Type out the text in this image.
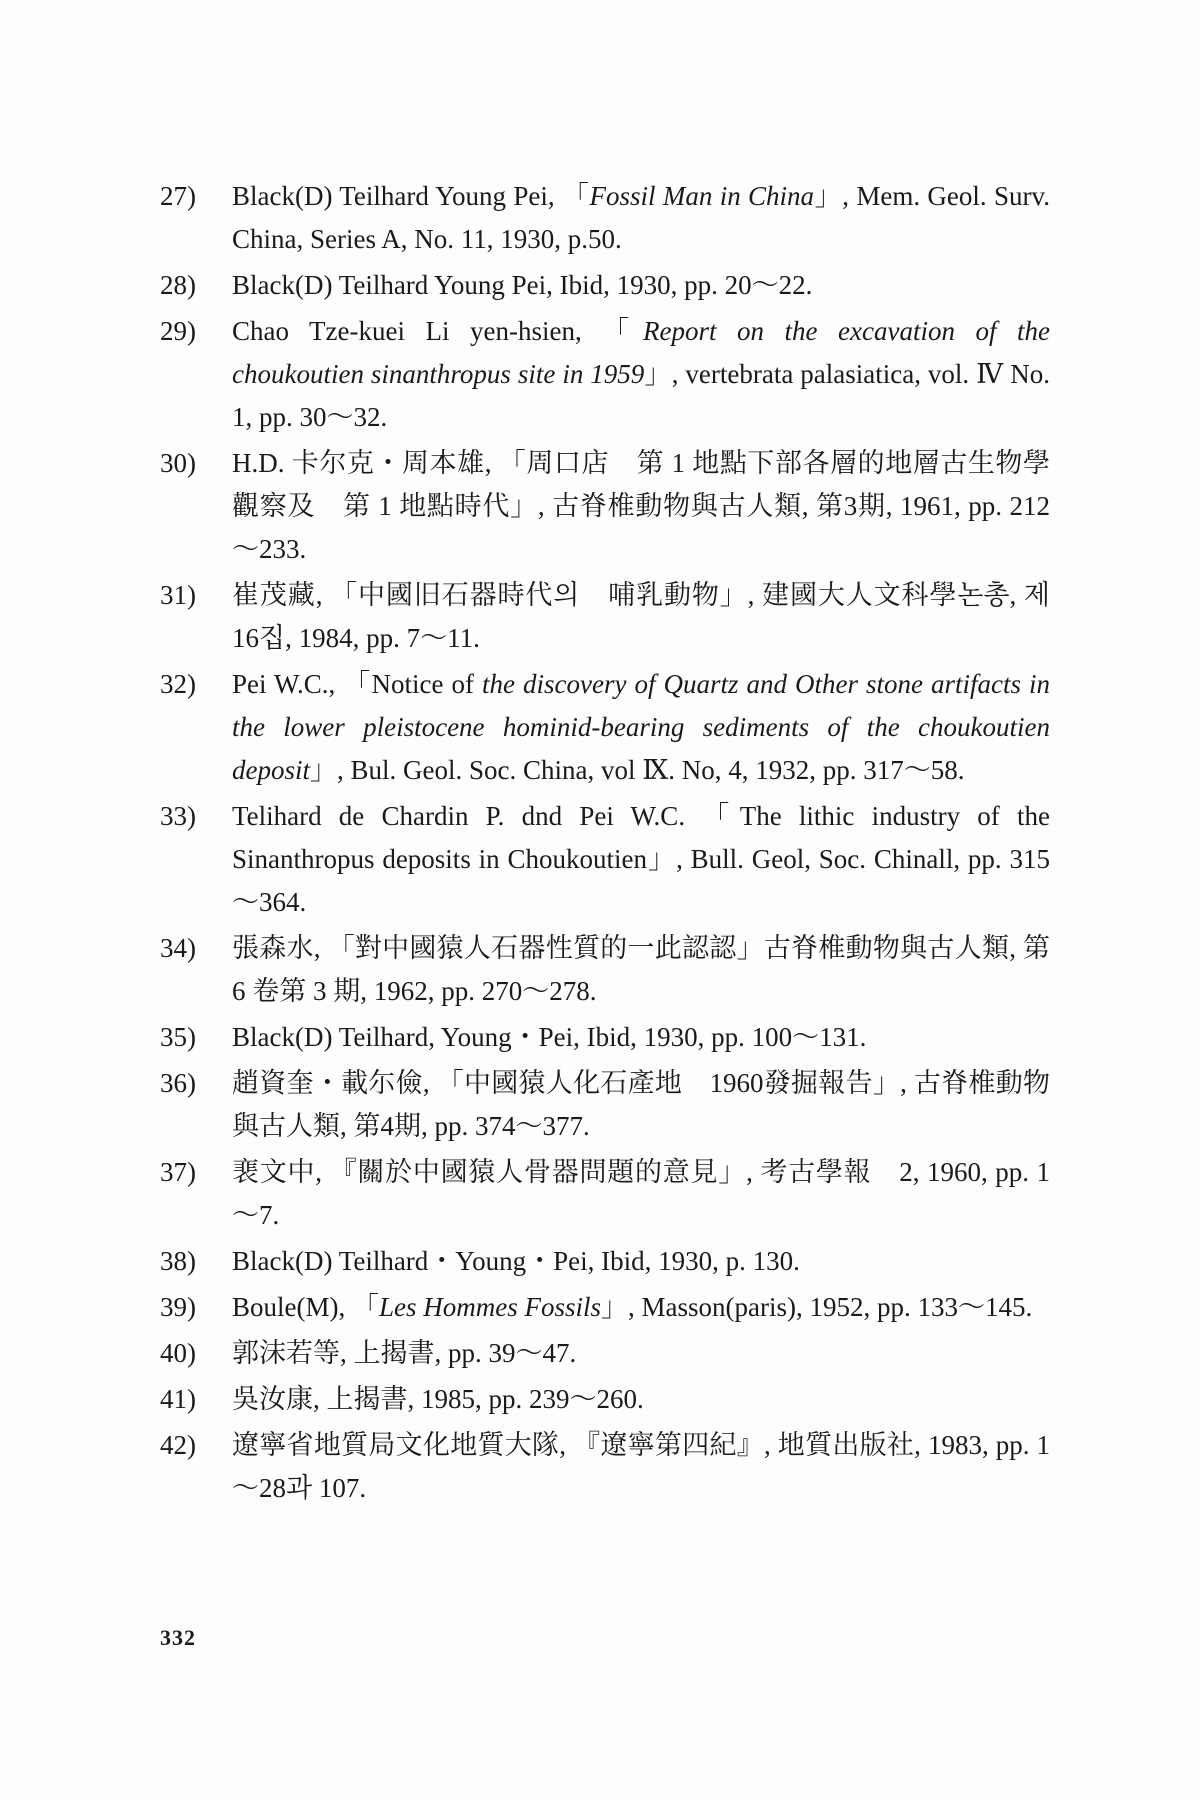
27)	Black(D) Teilhard Young Pei, 「Fossil Man in China」, Mem. Geol. Surv. China, Series A, No. 11, 1930, p.50.
28)	Black(D) Teilhard Young Pei, Ibid, 1930, pp. 20～22.
29)	Chao Tze-kuei Li yen-hsien, 「Report on the excavation of the choukoutien sinanthropus site in 1959」, vertebrata palasiatica, vol. Ⅳ No. 1, pp. 30～32.
30)	H.D. 卡尔克・周本雄, 「周口店　第 1 地點下部各層的地層古生物學觀察及　第 1 地點時代」, 古脊椎動物與古人類, 第3期, 1961, pp. 212～233.
31)	崔茂藏, 「中國旧石器時代의　哺乳動物」, 建國大人文科學논총, 제16집, 1984, pp. 7～11.
32)	Pei W.C., 「Notice of the discovery of Quartz and Other stone artifacts in the lower pleistocene hominid-bearing sediments of the choukoutien deposit」, Bul. Geol. Soc. China, vol Ⅸ. No, 4, 1932, pp. 317～58.
33)	Telihard de Chardin P. dnd Pei W.C. 「The lithic industry of the Sinanthropus deposits in Choukoutien」, Bull. Geol, Soc. Chinall, pp. 315～364.
34)	張森水, 「對中國猿人石器性質的一此認認」古脊椎動物與古人類, 第 6 卷第 3 期, 1962, pp. 270～278.
35)	Black(D) Teilhard, Young・Pei, Ibid, 1930, pp. 100～131.
36)	趙資奎・載尓儉, 「中國猿人化石產地　1960發掘報告」, 古脊椎動物與古人類, 第4期, pp. 374～377.
37)	裵文中, 『關於中國猿人骨器問題的意見」, 考古學報　2, 1960, pp. 1～7.
38)	Black(D) Teilhard・Young・Pei, Ibid, 1930, p. 130.
39)	Boule(M), 「Les Hommes Fossils」, Masson(paris), 1952, pp. 133～145.
40)	郭沫若等, 上揭書, pp. 39～47.
41)	吳汝康, 上揭書, 1985, pp. 239～260.
42)	遼寧省地質局文化地質大隊, 『遼寧第四紀』, 地質出版社, 1983, pp. 1～28과 107.
332
